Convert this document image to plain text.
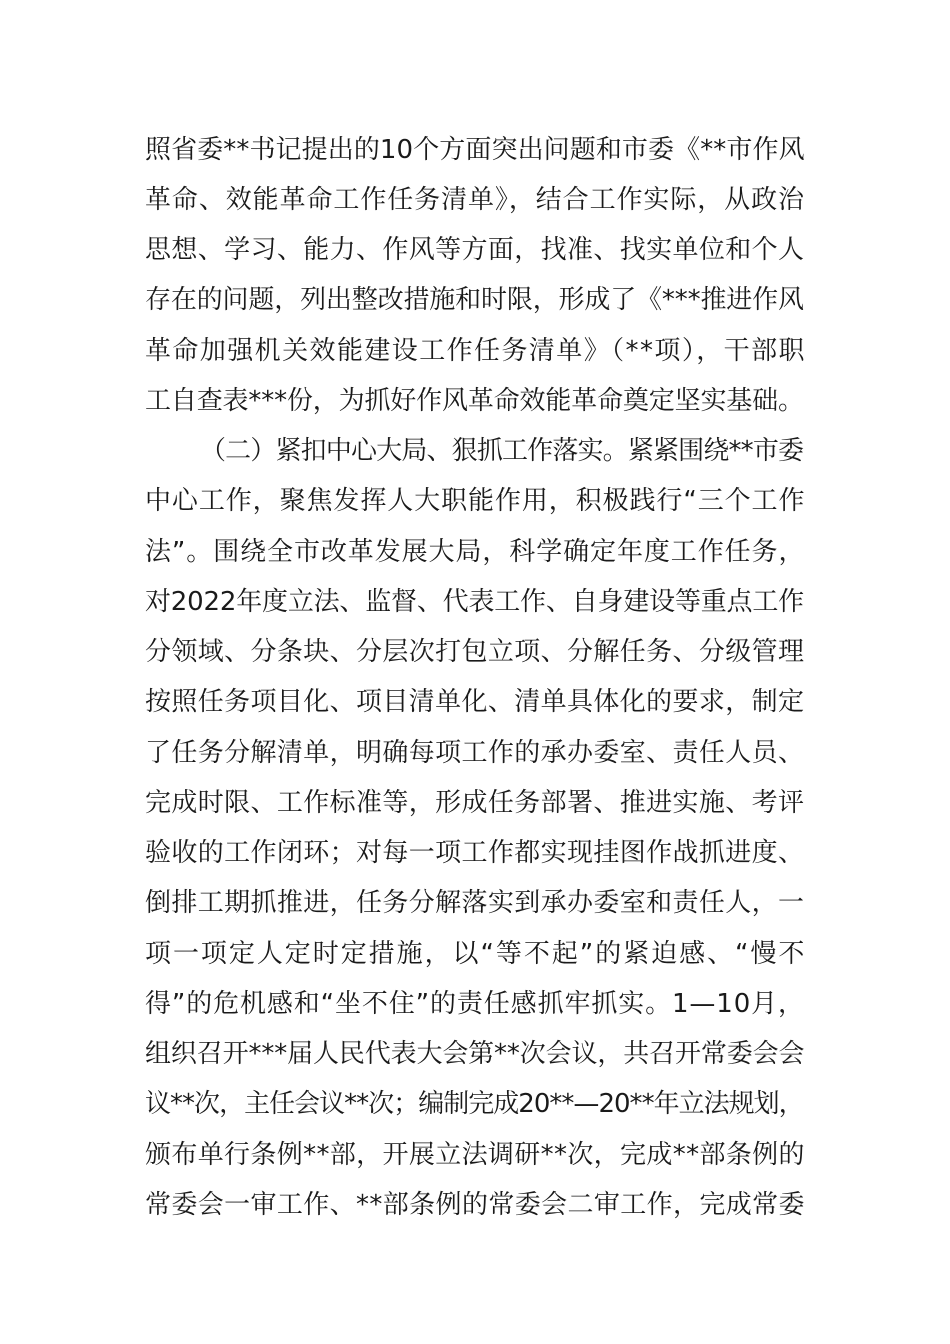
照省委**书记提出的10个方面突出问题和市委《**市作风
革命、效能革命工作任务清单》，结合工作实际，从政治
思想、学习、能力、作风等方面，找准、找实单位和个人
存在的问题，列出整改措施和时限，形成了《***推进作风
革命加强机关效能建设工作任务清单》（**项），干部职
工自查表***份，为抓好作风革命效能革命奠定坚实基础。
（二）紧扣中心大局、狠抓工作落实。紧紧围绕**市委
中心工作，聚焦发挥人大职能作用，积极践行“三个工作
法”。围绕全市改革发展大局，科学确定年度工作任务，
对2022年度立法、监督、代表工作、自身建设等重点工作
分领域、分条块、分层次打包立项、分解任务、分级管理
按照任务项目化、项目清单化、清单具体化的要求，制定
了任务分解清单，明确每项工作的承办委室、责任人员、
完成时限、工作标准等，形成任务部署、推进实施、考评
验收的工作闭环；对每一项工作都实现挂图作战抓进度、
倒排工期抓推进，任务分解落实到承办委室和责任人，一
项一项定人定时定措施，以“等不起”的紧迫感、“慢不
得”的危机感和“坐不住”的责任感抓牢抓实。1—10月，
组织召开***届人民代表大会第**次会议，共召开常委会会
议**次，主任会议**次；编制完成20**—20**年立法规划，
颁布单行条例**部，开展立法调研**次，完成**部条例的
常委会一审工作、**部条例的常委会二审工作，完成常委
